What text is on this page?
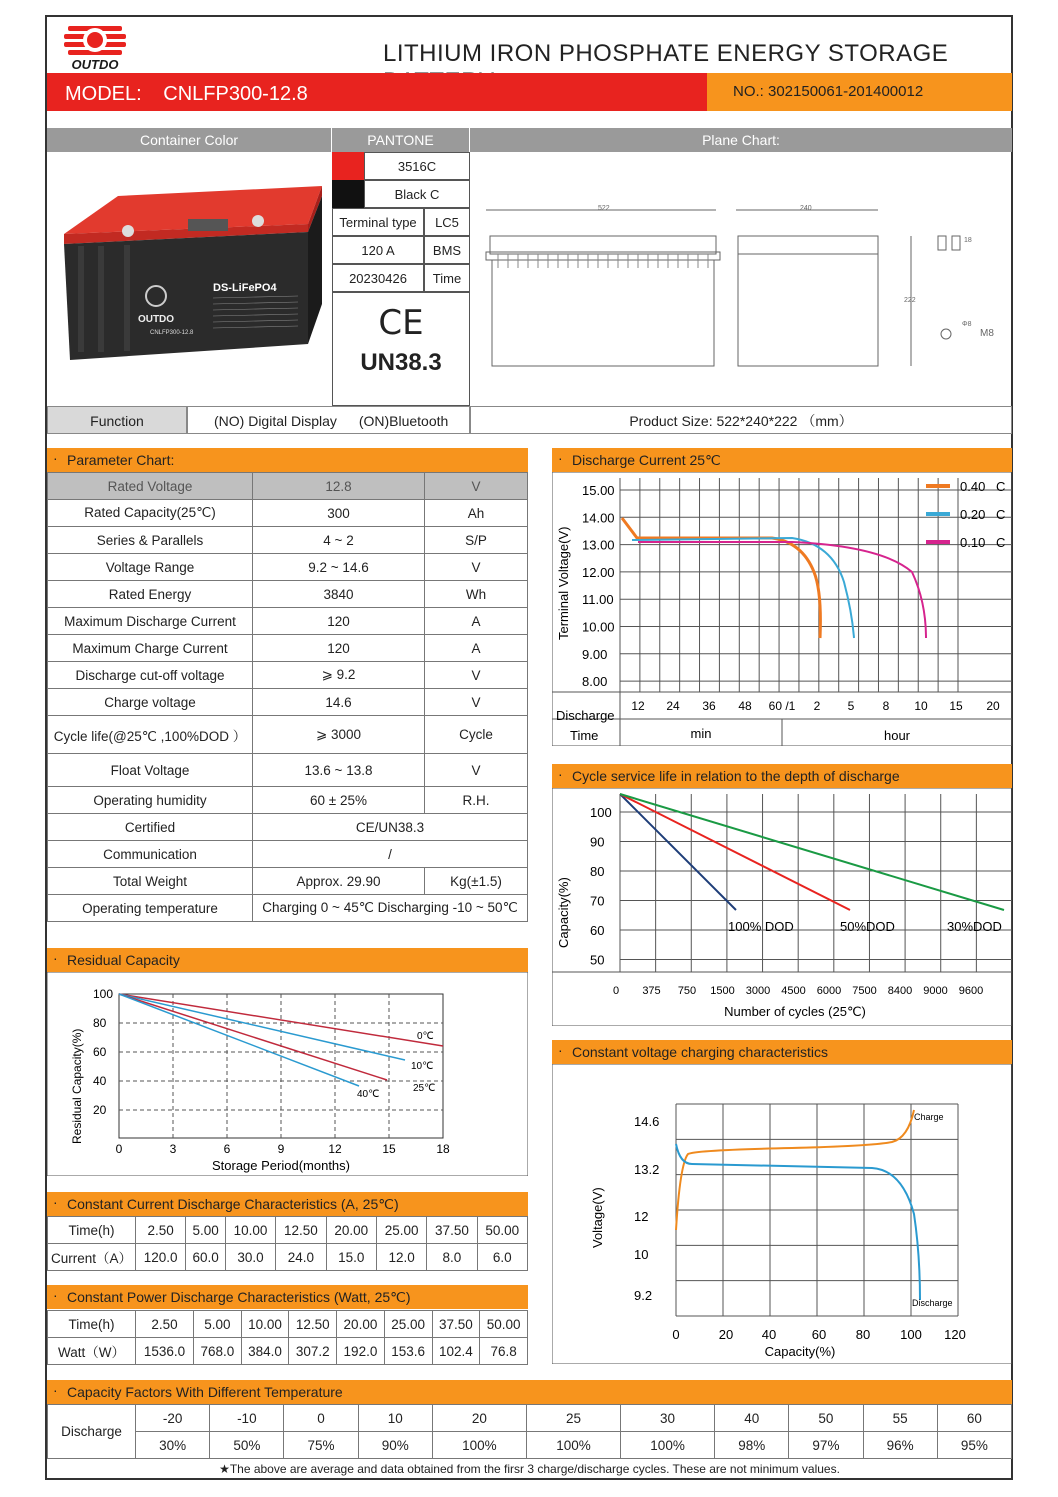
OUTDO	LITHIUM IRON PHOSPHATE ENERGY STORAGE
MODEL: CNLFP300-12.8	NO.: 302150061-201400012
Container Color	PANTONE	Plane Chart:
OUTDO
DS-LiFePO4
CNLFP300-12.8
3516C
Black C
Terminal type	LC5
120 A	BMS
20230426	Time
CE
UN38.3
522	240
222
18
Φ8
M8
Function	(NO) Digital Display (ON)Bluetooth	Product Size: 522*240*222 （mm）
· Parameter Chart:
Rated Voltage	12.8	V
Rated Capacity(25℃)	300	Ah
Series & Parallels	4 ~ 2	S/P
Voltage Range	9.2 ~ 14.6	V
Rated Energy	3840	Wh
Maximum Discharge Current	120	A
Maximum Charge Current	120	A
Discharge cut-off voltage	⩾ 9.2	V
Charge voltage	14.6	V
Cycle life(@25℃ ,100%DOD ）	⩾ 3000	Cycle
Float Voltage	13.6 ~ 13.8	V
Operating humidity	60 ± 25%	R.H.
Certified	CE/UN38.3	
Communication	/	
Total Weight	Approx. 29.90	Kg(±1.5)
Operating temperature	Charging 0 ~ 45℃ Discharging -10 ~ 50℃	
· Discharge Current 25℃
15.00
14.00
13.00
12.00
11.00
10.00
9.00
8.00
12 24 36 48 60 /1 2 5 8 10 15 20
Discharge
Time	min	hour
Terminal Voltage(V)
0.40 C
0.20 C
0.10 C
· Cycle service life in relation to the depth of discharge
100
90
80
70
60
50
0 375 750 1500 3000 4500 6000 7500 8400 9000 9600
Number of cycles (25℃)
Capacity(%)	100% DOD	50%DOD	30%DOD
· Residual Capacity
0	3	6	9	12	15	18
100
80
60
40
20
Storage Period(months)
Residual Capacity(%)	0℃
10℃
25℃
40℃
· Constant voltage charging characteristics
14.6
13.2
12
10
9.2
0	20 40	60 80 100 120
Capacity(%)
Voltage(V)
Charge
Discharge
· Constant Current Discharge Characteristics (A, 25℃)
Time(h)	2.50	5.00	10.00	12.50	20.00	25.00	37.50	50.00
Current（A）	120.0	60.0	30.0	24.0	15.0	12.0	8.0	6.0
· Constant Power Discharge Characteristics (Watt, 25℃)
Time(h)	2.50	5.00	10.00	12.50	20.00	25.00	37.50	50.00
Watt（W）	1536.0	768.0	384.0	307.2	192.0	153.6	102.4	76.8
· Capacity Factors With Different Temperature
Discharge	-20	-10	0	10	20	25	30	40	50	55	60
	30%	50%	75%	90%	100%	100%	100%	98%	97%	96%	95%
★The above are average and data obtained from the firsr 3 charge/discharge cycles. These are not minimum values.
